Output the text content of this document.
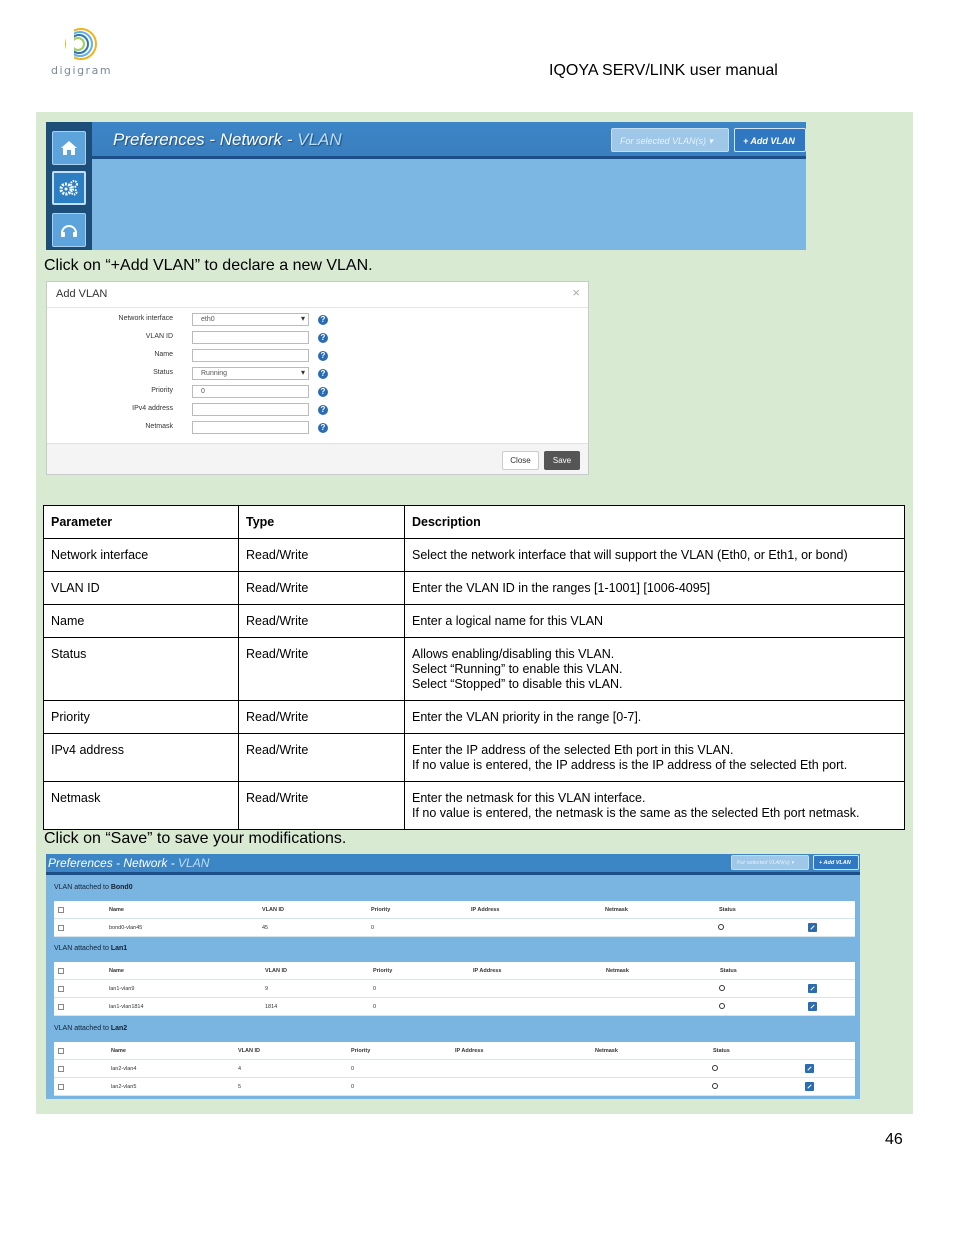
digigram	IQOYA SERV/LINK user manual
Preferences - Network - VLAN	For selected VLAN(s) ▾	+ Add VLAN
Click on “+Add VLAN” to declare a new VLAN.
Add VLAN	×
Network interface	eth0 ▾	?
VLAN ID	?
Name	?
Status	Running ▾	?
Priority	0	?
IPv4 address	?
Netmask	?
Close	Save
Parameter	Type	Description
Network interface	Read/Write	Select the network interface that will support the VLAN (Eth0, or Eth1, or bond)

VLAN ID	Read/Write	Enter the VLAN ID in the ranges [1-1001] [1006-4095]

Name	Read/Write	Enter a logical name for this VLAN

Status	Read/Write	Allows enabling/disabling this VLAN.
Select “Running” to enable this VLAN.
Select “Stopped” to disable this vLAN.

Priority	Read/Write	Enter the VLAN priority in the range [0-7].

IPv4 address	Read/Write	Enter the IP address of the selected Eth port in this VLAN.
If no value is entered, the IP address is the IP address of the selected Eth port.

Netmask	Read/Write	Enter the netmask for this VLAN interface.
If no value is entered, the netmask is the same as the selected Eth port netmask.
Click on “Save” to save your modifications.
Preferences - Network - VLAN	For selected VLAN(s) ▾	+ Add VLAN
VLAN attached to Bond0
Name	VLAN ID	Priority	IP Address	Netmask	Status
bond0-vlan45	45	0
VLAN attached to Lan1
Name	VLAN ID	Priority	IP Address	Netmask	Status
lan1-vlan9	9	0
lan1-vlan1814	1814	0
VLAN attached to Lan2
Name	VLAN ID	Priority	IP Address	Netmask	Status
lan2-vlan4	4	0
lan2-vlan5	5	0
46
